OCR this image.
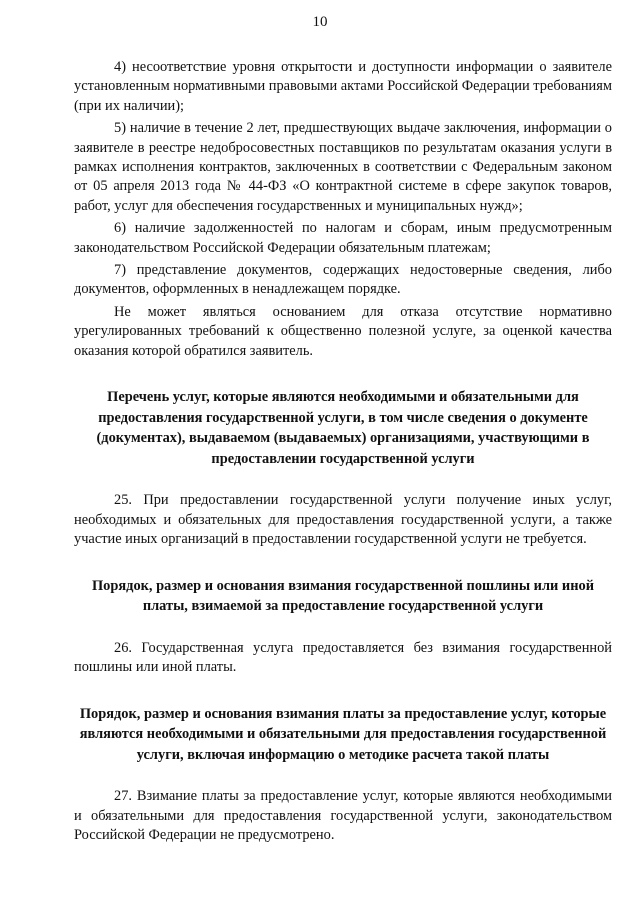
10

4) несоответствие уровня открытости и доступности информации о заявителе установленным нормативными правовыми актами Российской Федерации требованиям (при их наличии);

5) наличие в течение 2 лет, предшествующих выдаче заключения, информации о заявителе в реестре недобросовестных поставщиков по результатам оказания услуги в рамках исполнения контрактов, заключенных в соответствии с Федеральным законом от 05 апреля 2013 года № 44-ФЗ «О контрактной системе в сфере закупок товаров, работ, услуг для обеспечения государственных и муниципальных нужд»;

6) наличие задолженностей по налогам и сборам, иным предусмотренным законодательством Российской Федерации обязательным платежам;

7) представление документов, содержащих недостоверные сведения, либо документов, оформленных в ненадлежащем порядке.

Не может являться основанием для отказа отсутствие нормативно урегулированных требований к общественно полезной услуге, за оценкой качества оказания которой обратился заявитель.

Перечень услуг, которые являются необходимыми и обязательными для предоставления государственной услуги, в том числе сведения о документе (документах), выдаваемом (выдаваемых) организациями, участвующими в предоставлении государственной услуги

25. При предоставлении государственной услуги получение иных услуг, необходимых и обязательных для предоставления государственной услуги, а также участие иных организаций в предоставлении государственной услуги не требуется.

Порядок, размер и основания взимания государственной пошлины или иной платы, взимаемой за предоставление государственной услуги

26. Государственная услуга предоставляется без взимания государственной пошлины или иной платы.

Порядок, размер и основания взимания платы за предоставление услуг, которые являются необходимыми и обязательными для предоставления государственной услуги, включая информацию о методике расчета такой платы

27. Взимание платы за предоставление услуг, которые являются необходимыми и обязательными для предоставления государственной услуги, законодательством Российской Федерации не предусмотрено.
